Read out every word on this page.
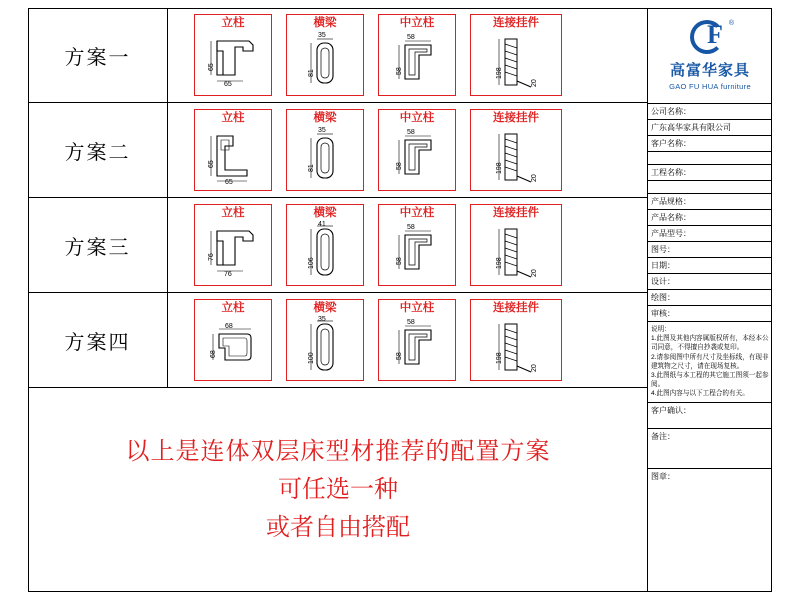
方案一
立柱
65
65
横梁
35
81
中立柱
58
58
连接挂件
198
20
方案二
立柱
65
65
横梁
35
81
中立柱
58
58
连接挂件
198
20
方案三
立柱
76
76
横梁
41
106
中立柱
58
58
连接挂件
198
20
方案四
立柱
68
68
横梁
35
100
中立柱
58
58
连接挂件
198
20
以上是连体双层床型材推荐的配置方案
可任选一种
或者自由搭配
F ®
高富华家具
GAO FU HUA furniture
公司名称：
广东高华家具有限公司
客户名称：
工程名称：
产品规格：
产品名称：
产品型号：
图号：
日期：
设计：
绘图：
审核：
说明：
1.此图及其他内容属版权所有，本经本公司同意，不得擅自抄袭或复印。
2.请参阅图中所有尺寸及坐标线，有现非建筑物之尺寸，请在现场复核。
3.此图纸与本工程的其它施工图须一起参阅。
4.此图内容与以下工程合的有关。
客户确认：
备注：
图章：
